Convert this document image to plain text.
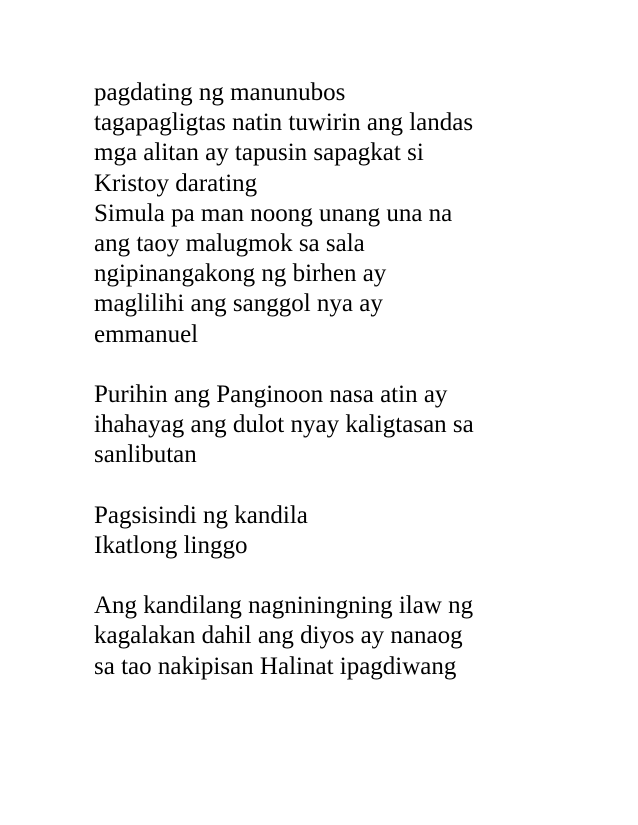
pagdating ng manunubos
tagapagligtas natin tuwirin ang landas
mga alitan ay tapusin sapagkat si
Kristoy darating
Simula pa man noong unang una na
ang taoy malugmok sa sala
ngipinangakong ng birhen ay
maglilihi ang sanggol nya ay
emmanuel
Purihin ang Panginoon nasa atin ay
ihahayag ang dulot nyay kaligtasan sa
sanlibutan
Pagsisindi ng kandila
Ikatlong linggo
Ang kandilang nagniningning ilaw ng
kagalakan dahil ang diyos ay nanaog
sa tao nakipisan Halinat ipagdiwang
